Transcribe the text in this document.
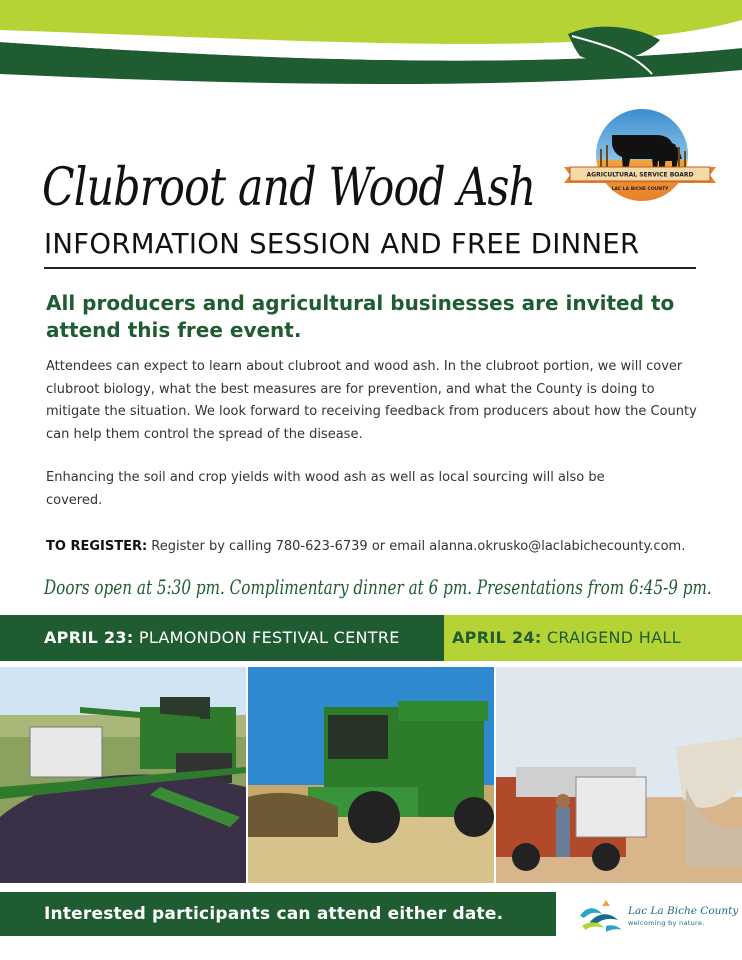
AGRICULTURAL SERVICE BOARD
LAC LA BICHE COUNTY
Clubroot and Wood Ash
INFORMATION SESSION AND FREE DINNER
All producers and agricultural businesses are invited to attend this free event.
Attendees can expect to learn about clubroot and wood ash. In the clubroot portion, we will cover clubroot biology, what the best measures are for prevention, and what the County is doing to mitigate the situation. We look forward to receiving feedback from producers about how the County can help them control the spread of the disease.
Enhancing the soil and crop yields with wood ash as well as local sourcing will also be covered.
TO REGISTER: Register by calling 780-623-6739 or email alanna.okrusko@laclabichecounty.com.
Doors open at 5:30 pm. Complimentary dinner at 6 pm. Presentations from 6:45-9 pm.
APRIL 23: PLAMONDON FESTIVAL CENTRE	APRIL 24: CRAIGEND HALL
Interested participants can attend either date.	Lac La Biche County
welcoming by nature.
